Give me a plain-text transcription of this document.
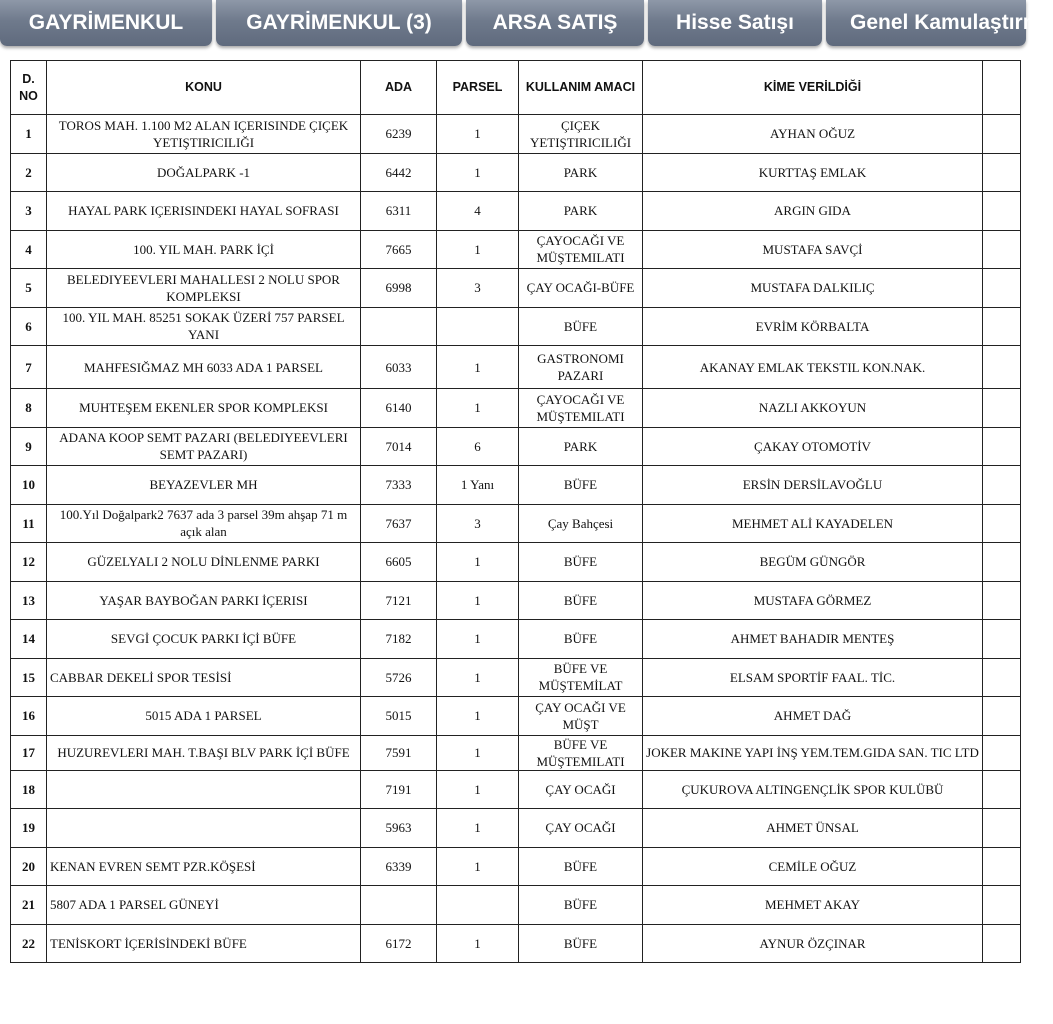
GAYRİMENKUL	GAYRİMENKUL (3)	ARSA SATIŞ	Hisse Satışı	Genel Kamulaştırma
D.
NO	KONU	ADA	PARSEL	KULLANIM AMACI	KİME VERİLDİĞİ	
1	TOROS MAH. 1.100 M2 ALAN IÇERISINDE ÇIÇEK YETIŞTIRICILIĞI	6239	1	ÇIÇEK YETIŞTIRICILIĞI	AYHAN OĞUZ	
2	DOĞALPARK -1	6442	1	PARK	KURTTAŞ EMLAK	
3	HAYAL PARK IÇERISINDEKI HAYAL SOFRASI	6311	4	PARK	ARGIN GIDA	
4	100. YIL MAH. PARK İÇİ	7665	1	ÇAYOCAĞI VE MÜŞTEMILATI	MUSTAFA SAVÇİ	
5	BELEDIYEEVLERI MAHALLESI 2 NOLU SPOR KOMPLEKSI	6998	3	ÇAY OCAĞI-BÜFE	MUSTAFA DALKILIÇ	
6	100. YIL MAH. 85251 SOKAK ÜZERİ 757 PARSEL YANI			BÜFE	EVRİM KÖRBALTA	
7	MAHFESIĞMAZ MH 6033 ADA 1 PARSEL	6033	1	GASTRONOMI PAZARI	AKANAY EMLAK TEKSTIL KON.NAK.	
8	MUHTEŞEM EKENLER SPOR KOMPLEKSI	6140	1	ÇAYOCAĞI VE MÜŞTEMILATI	NAZLI AKKOYUN	
9	ADANA KOOP SEMT PAZARI (BELEDIYEEVLERI SEMT PAZARI)	7014	6	PARK	ÇAKAY OTOMOTİV	
10	BEYAZEVLER MH	7333	1 Yanı	BÜFE	ERSİN DERSİLAVOĞLU	
11	100.Yıl Doğalpark2 7637 ada 3 parsel 39m ahşap 71 m açık alan	7637	3	Çay Bahçesi	MEHMET ALİ KAYADELEN	
12	GÜZELYALI 2 NOLU DİNLENME PARKI	6605	1	BÜFE	BEGÜM GÜNGÖR	
13	YAŞAR BAYBOĞAN PARKI İÇERISI	7121	1	BÜFE	MUSTAFA GÖRMEZ	
14	SEVGİ ÇOCUK PARKI İÇİ BÜFE	7182	1	BÜFE	AHMET BAHADIR MENTEŞ	
15	CABBAR DEKELİ SPOR TESİSİ	5726	1	BÜFE VE MÜŞTEMİLAT	ELSAM SPORTİF FAAL. TİC.	
16	5015 ADA 1 PARSEL	5015	1	ÇAY OCAĞI VE MÜŞT	AHMET DAĞ	
17	HUZUREVLERI MAH. T.BAŞI BLV PARK İÇİ BÜFE	7591	1	BÜFE VE MÜŞTEMILATI	JOKER MAKINE YAPI İNŞ YEM.TEM.GIDA SAN. TIC LTD	
18		7191	1	ÇAY OCAĞI	ÇUKUROVA ALTINGENÇLİK SPOR KULÜBÜ	
19		5963	1	ÇAY OCAĞI	AHMET ÜNSAL	
20	KENAN EVREN SEMT PZR.KÖŞESİ	6339	1	BÜFE	CEMİLE OĞUZ	
21	5807 ADA 1 PARSEL GÜNEYİ			BÜFE	MEHMET AKAY	
22	TENİSKORT İÇERİSİNDEKİ BÜFE	6172	1	BÜFE	AYNUR ÖZÇINAR	
